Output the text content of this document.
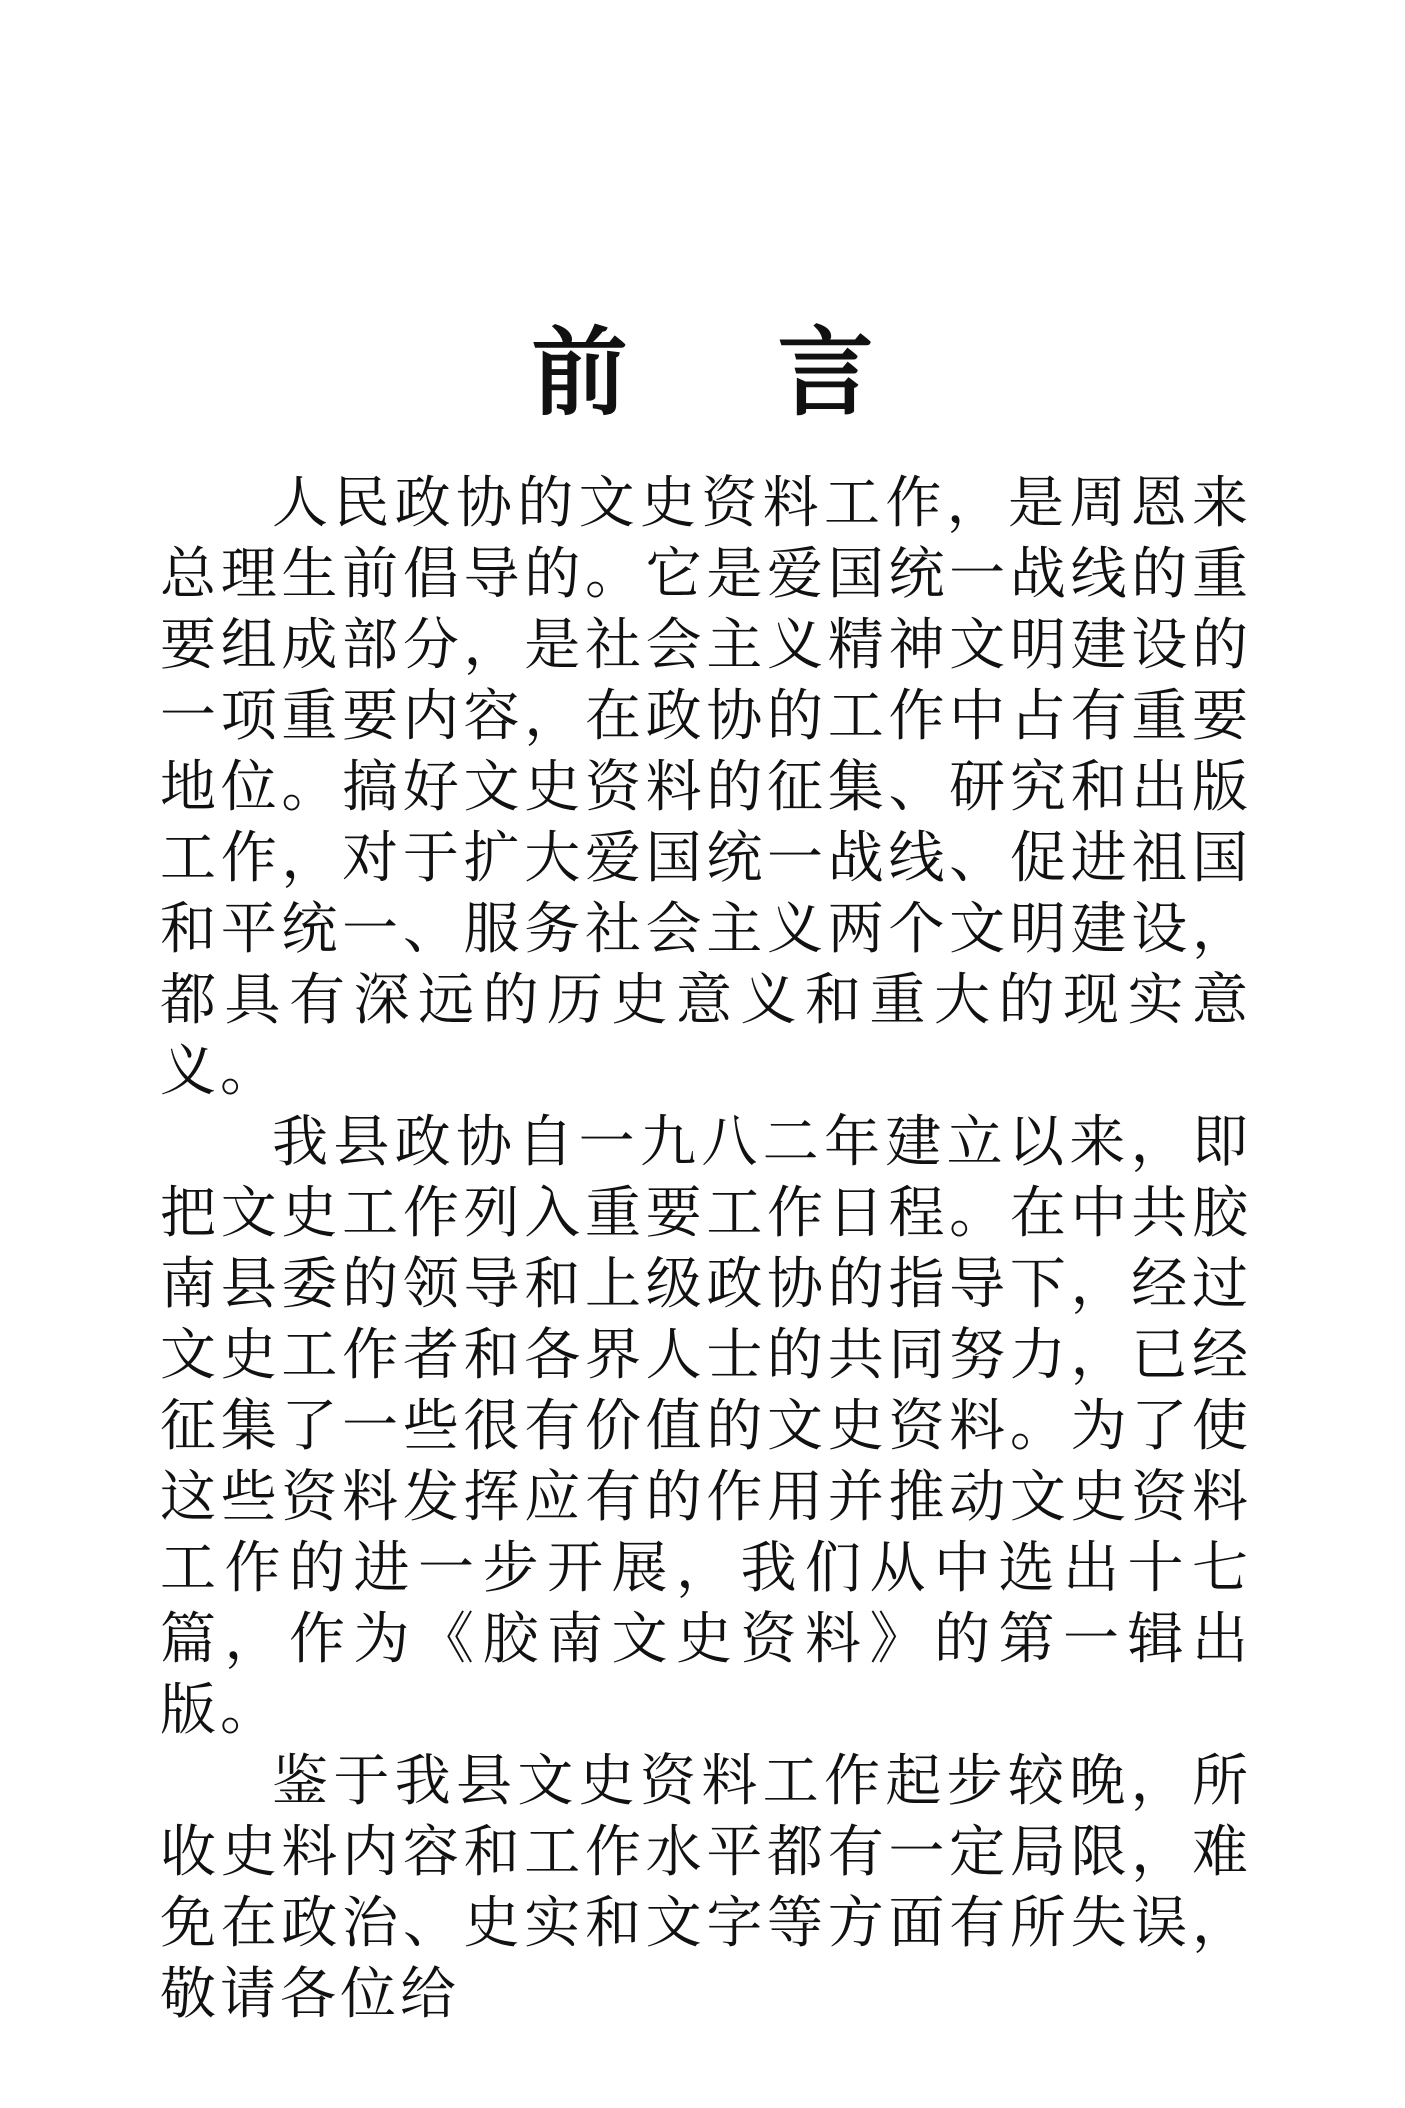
前 言

人民政协的文史资料工作，是周恩来总理生前倡导的。它是爱国统一战线的重要组成部分，是社会主义精神文明建设的一项重要内容，在政协的工作中占有重要地位。搞好文史资料的征集、研究和出版工作，对于扩大爱国统一战线、促进祖国和平统一、服务社会主义两个文明建设，都具有深远的历史意义和重大的现实意义。

我县政协自一九八二年建立以来，即把文史工作列入重要工作日程。在中共胶南县委的领导和上级政协的指导下，经过文史工作者和各界人士的共同努力，已经征集了一些很有价值的文史资料。为了使这些资料发挥应有的作用并推动文史资料工作的进一步开展，我们从中选出十七篇，作为《胶南文史资料》的第一辑出版。

鉴于我县文史资料工作起步较晚，所收史料内容和工作水平都有一定局限，难免在政治、史实和文字等方面有所失误，敬请各位给
